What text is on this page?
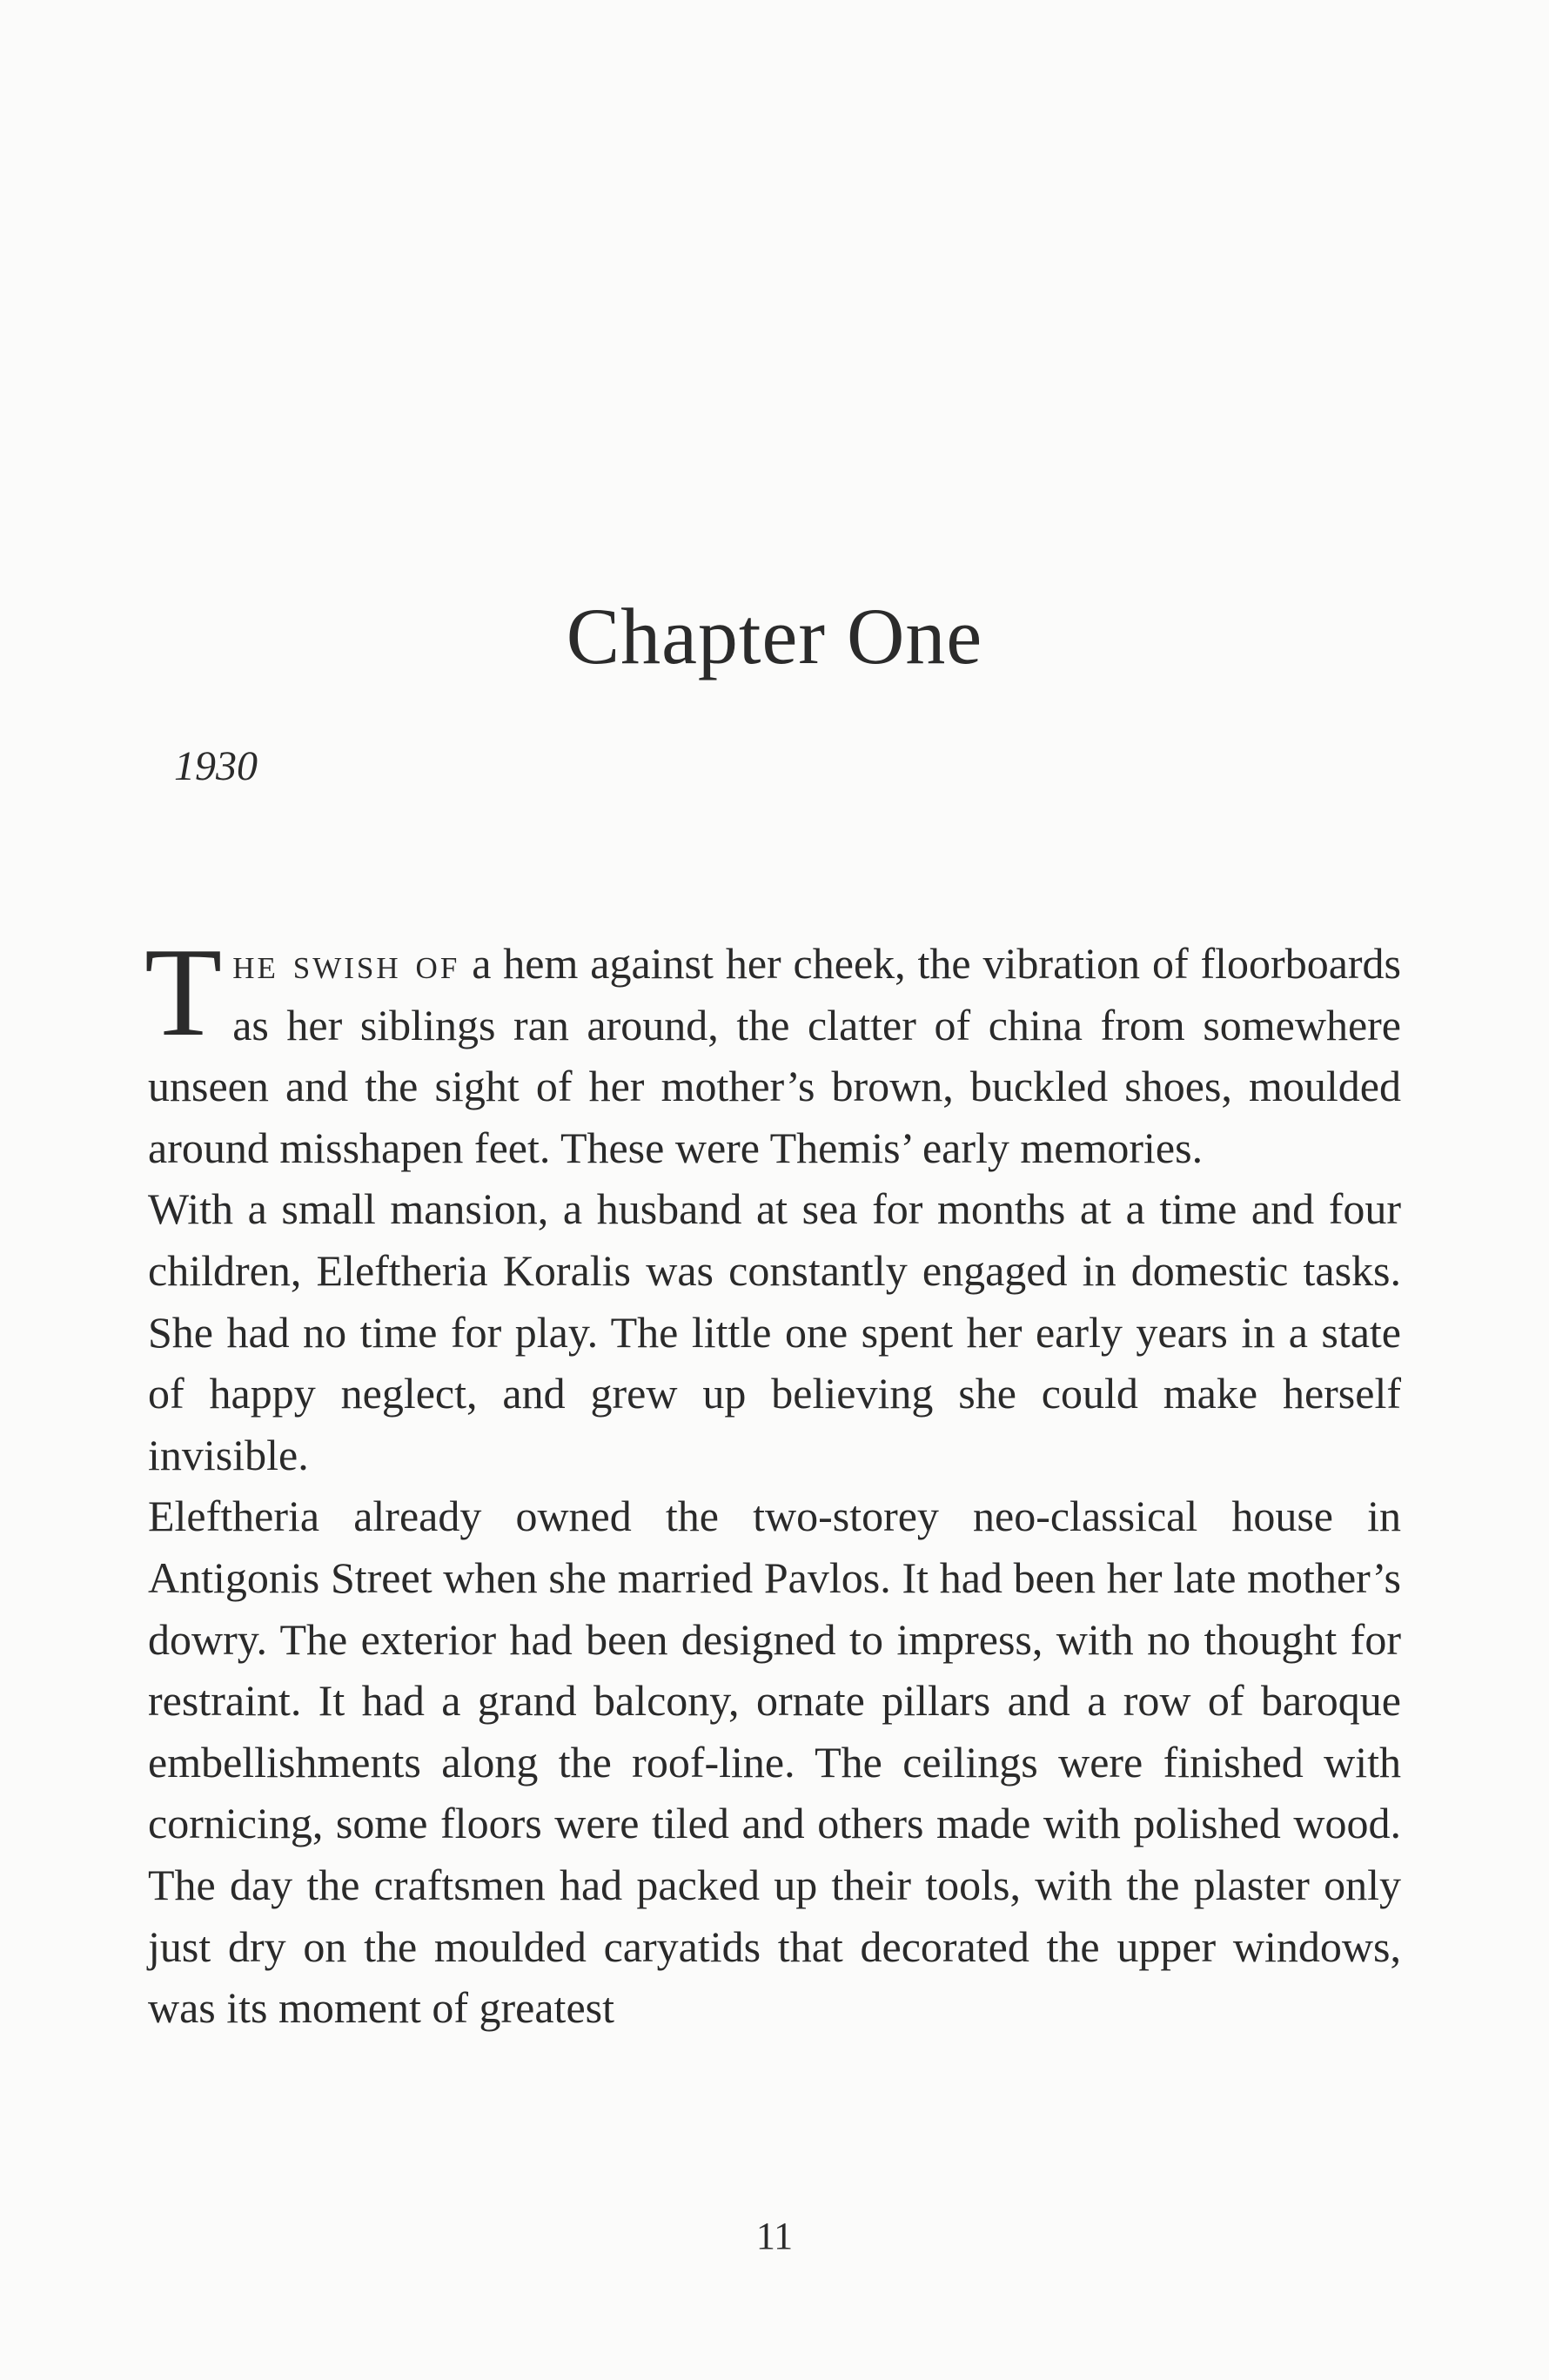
Chapter One
1930

The swish of a hem against her cheek, the vibration of floorboards as her siblings ran around, the clatter of china from somewhere unseen and the sight of her mother’s brown, buckled shoes, moulded around misshapen feet. These were Themis’ early memories.

With a small mansion, a husband at sea for months at a time and four children, Eleftheria Koralis was constantly engaged in domestic tasks. She had no time for play. The little one spent her early years in a state of happy neglect, and grew up believing she could make herself invisible.

Eleftheria already owned the two-storey neo-classical house in Antigonis Street when she married Pavlos. It had been her late mother’s dowry. The exterior had been designed to impress, with no thought for restraint. It had a grand balcony, ornate pillars and a row of baroque embellishments along the roof-line. The ceilings were finished with cornicing, some floors were tiled and others made with polished wood. The day the craftsmen had packed up their tools, with the plaster only just dry on the moulded caryatids that decorated the upper windows, was its moment of greatest

11
